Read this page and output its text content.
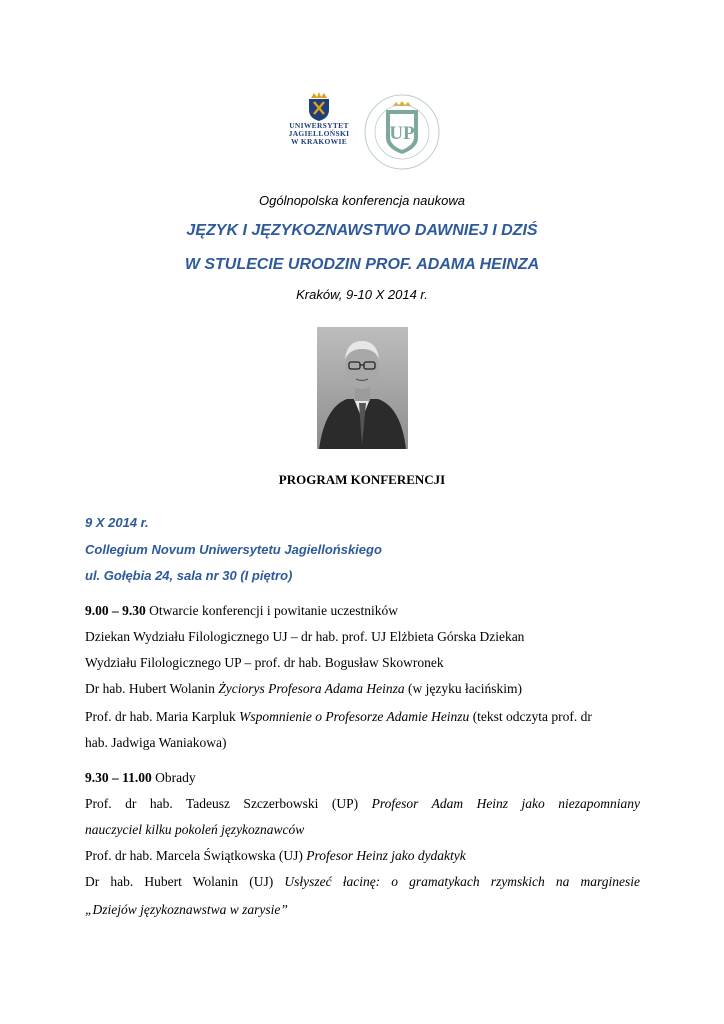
UNIWERSYTET
JAGIELLOŃSKI
W KRAKOWIE	UP
Ogólnopolska konferencja naukowa
JĘZYK I JĘZYKOZNAWSTWO DAWNIEJ I DZIŚ
W STULECIE URODZIN PROF. ADAMA HEINZA
Kraków, 9-10 X 2014 r.
PROGRAM KONFERENCJI
9 X 2014 r.
Collegium Novum Uniwersytetu Jagiellońskiego
ul. Gołębia 24, sala nr 30 (I piętro)
9.00 – 9.30 Otwarcie konferencji i powitanie uczestników
Dziekan Wydziału Filologicznego UJ – dr hab. prof. UJ Elżbieta Górska Dziekan
Wydziału Filologicznego UP – prof. dr hab. Bogusław Skowronek
Dr hab. Hubert Wolanin Życiorys Profesora Adama Heinza (w języku łacińskim)
Prof. dr hab. Maria Karpluk Wspomnienie o Profesorze Adamie Heinzu (tekst odczyta prof. dr
hab. Jadwiga Waniakowa)
9.30 – 11.00 Obrady
Prof. dr hab. Tadeusz Szczerbowski (UP) Profesor Adam Heinz jako niezapomniany
nauczyciel kilku pokoleń językoznawców
Prof. dr hab. Marcela Świątkowska (UJ) Profesor Heinz jako dydaktyk
Dr hab. Hubert Wolanin (UJ) Usłyszeć łacinę: o gramatykach rzymskich na marginesie
„Dziejów językoznawstwa w zarysie”
